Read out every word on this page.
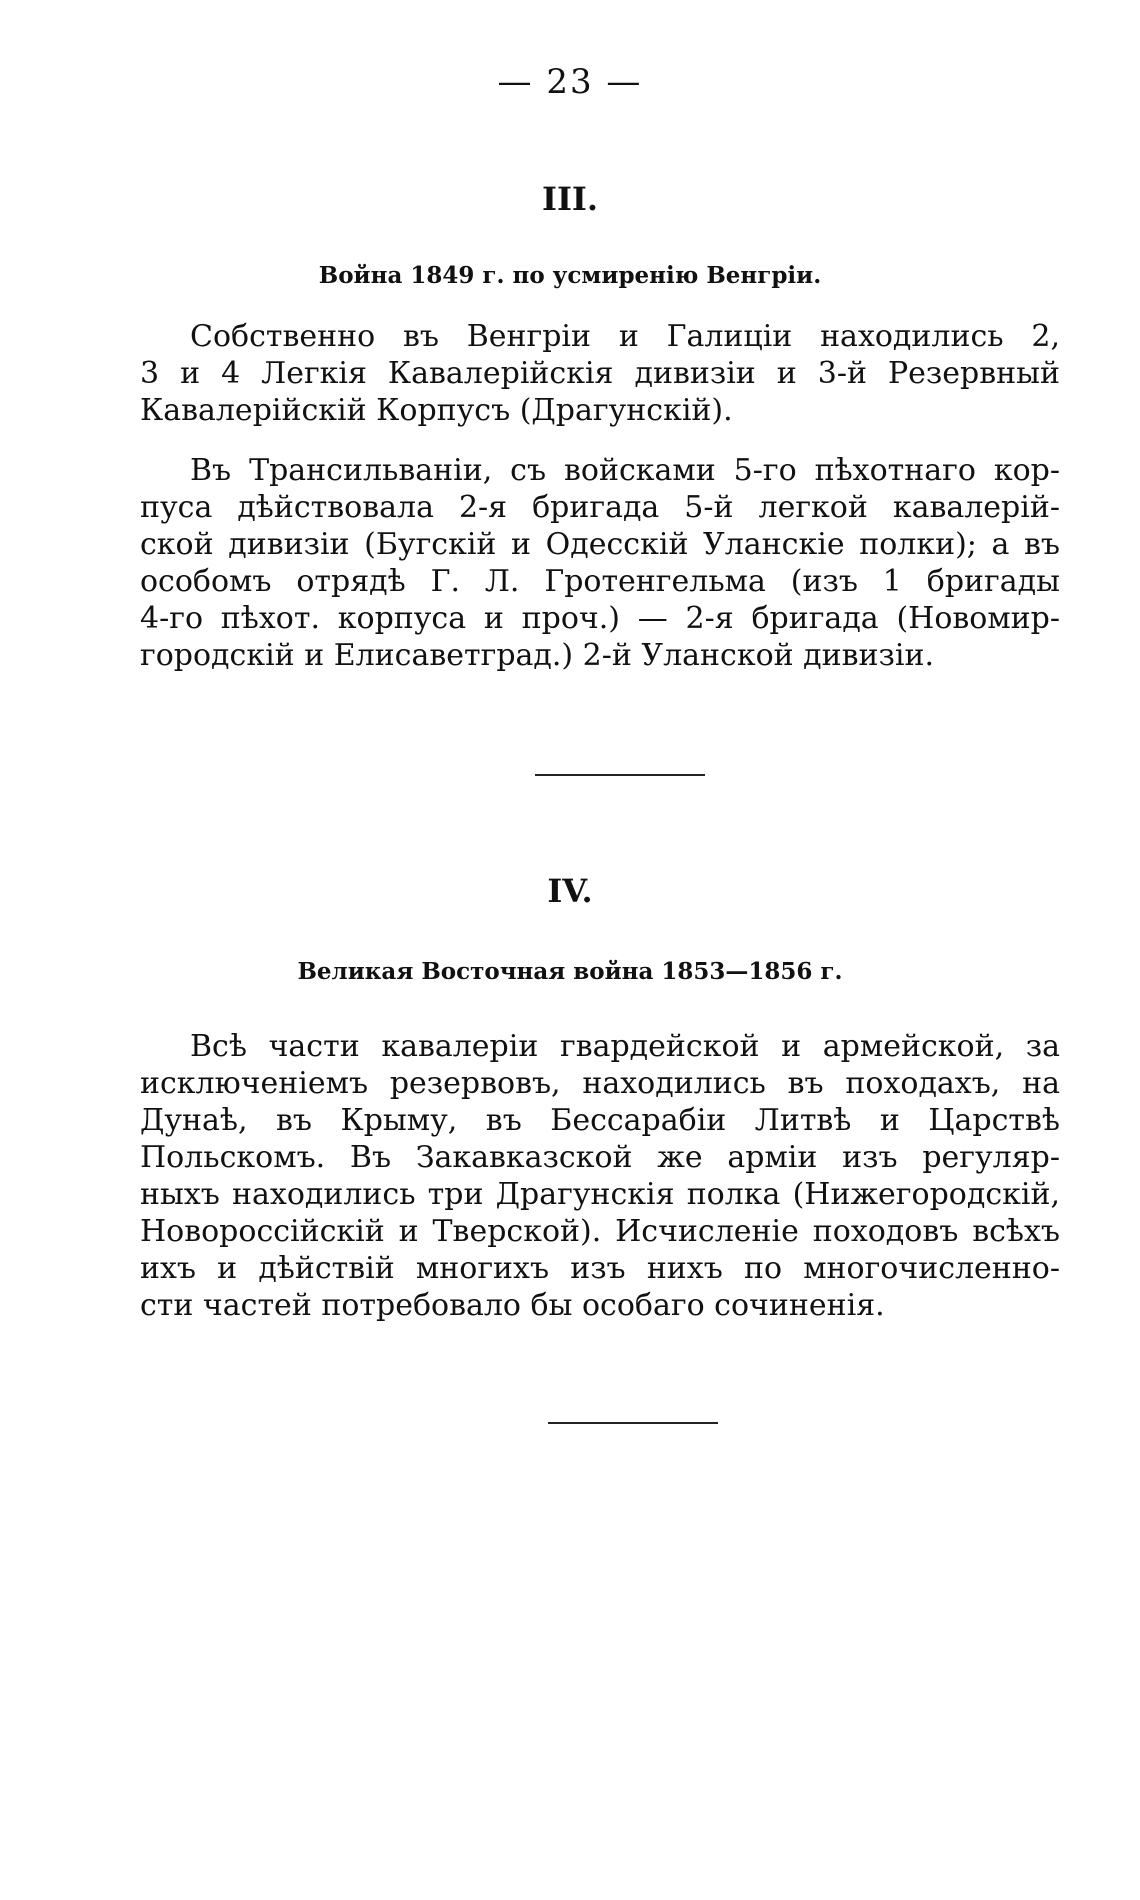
— 23 —
III.
Война 1849 г. по усмиренію Венгріи.
Собственно въ Венгріи и Галиціи находились 2,
3 и 4 Легкія Кавалерійскія дивизіи и 3-й Резервный
Кавалерійскій Корпусъ (Драгунскій).
Въ Трансильваніи, съ войсками 5-го пѣхотнаго кор-
пуса дѣйствовала 2-я бригада 5-й легкой кавалерій-
ской дивизіи (Бугскій и Одесскій Уланскіе полки); а въ
особомъ отрядѣ Г. Л. Гротенгельма (изъ 1 бригады
4-го пѣхот. корпуса и проч.) — 2-я бригада (Новомир-
городскій и Елисаветград.) 2-й Уланской дивизіи.
IV.
Великая Восточная война 1853—1856 г.
Всѣ части кавалеріи гвардейской и армейской, за
исключеніемъ резервовъ, находились въ походахъ, на
Дунаѣ, въ Крыму, въ Бессарабіи Литвѣ и Царствѣ
Польскомъ. Въ Закавказской же арміи изъ регуляр-
ныхъ находились три Драгунскія полка (Нижегородскій,
Новороссійскій и Тверской). Исчисленіе походовъ всѣхъ
ихъ и дѣйствій многихъ изъ нихъ по многочисленно-
сти частей потребовало бы особаго сочиненія.
